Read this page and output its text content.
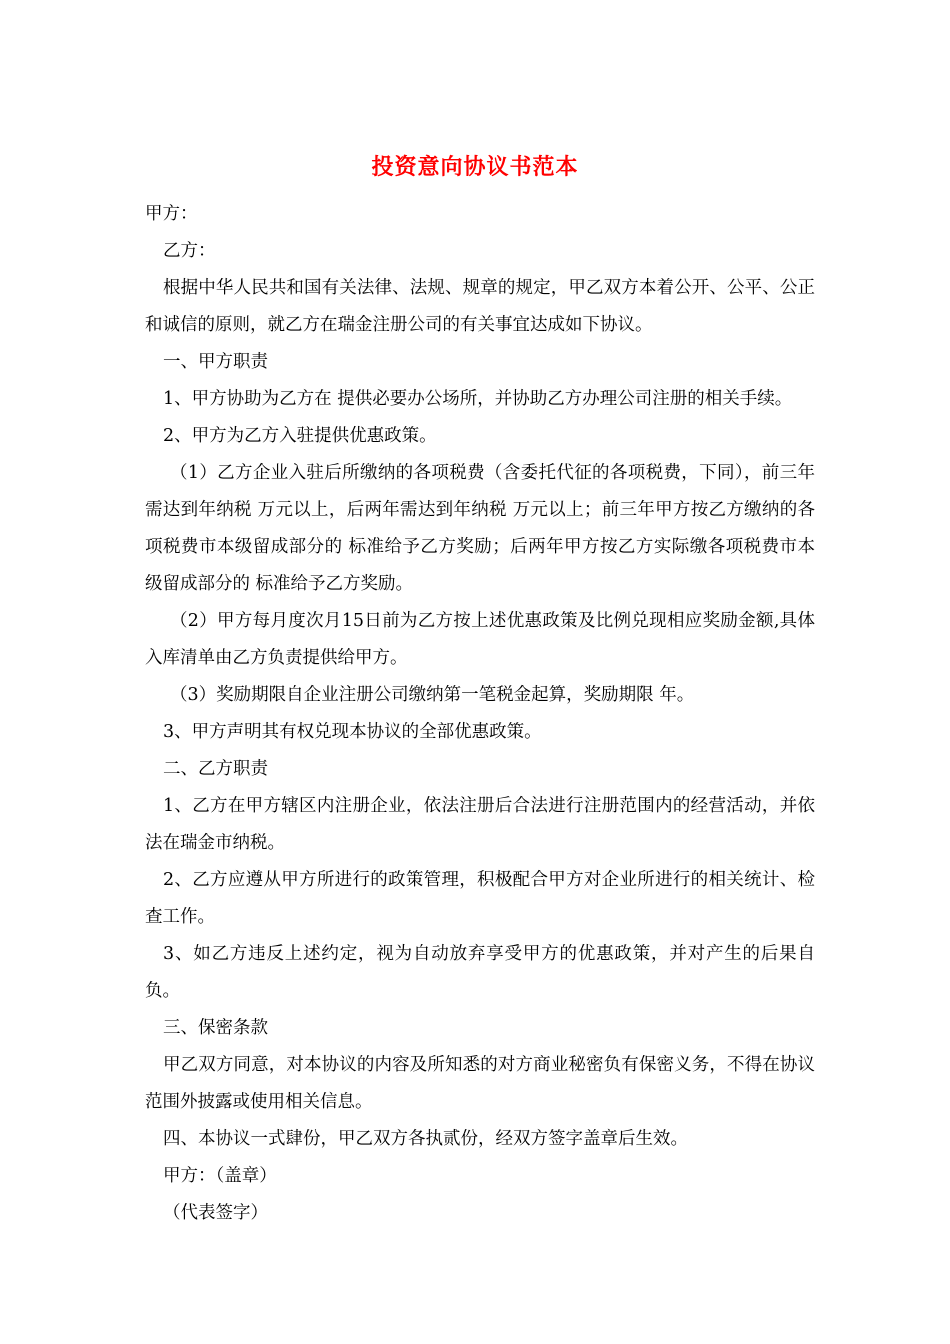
投资意向协议书范本

甲方：

乙方：

根据中华人民共和国有关法律、法规、规章的规定，甲乙双方本着公开、公平、公正和诚信的原则，就乙方在瑞金注册公司的有关事宜达成如下协议。

一、甲方职责

1、甲方协助为乙方在 提供必要办公场所，并协助乙方办理公司注册的相关手续。

2、甲方为乙方入驻提供优惠政策。

（1）乙方企业入驻后所缴纳的各项税费（含委托代征的各项税费，下同），前三年需达到年纳税 万元以上，后两年需达到年纳税 万元以上；前三年甲方按乙方缴纳的各项税费市本级留成部分的 标准给予乙方奖励；后两年甲方按乙方实际缴各项税费市本级留成部分的 标准给予乙方奖励。

（2）甲方每月度次月15日前为乙方按上述优惠政策及比例兑现相应奖励金额,具体入库清单由乙方负责提供给甲方。

（3）奖励期限自企业注册公司缴纳第一笔税金起算，奖励期限 年。

3、甲方声明其有权兑现本协议的全部优惠政策。

二、乙方职责

1、乙方在甲方辖区内注册企业，依法注册后合法进行注册范围内的经营活动，并依法在瑞金市纳税。

2、乙方应遵从甲方所进行的政策管理，积极配合甲方对企业所进行的相关统计、检查工作。

3、如乙方违反上述约定，视为自动放弃享受甲方的优惠政策，并对产生的后果自负。

三、保密条款

甲乙双方同意，对本协议的内容及所知悉的对方商业秘密负有保密义务，不得在协议范围外披露或使用相关信息。

四、本协议一式肆份，甲乙双方各执贰份，经双方签字盖章后生效。

甲方：（盖章）

（代表签字）
